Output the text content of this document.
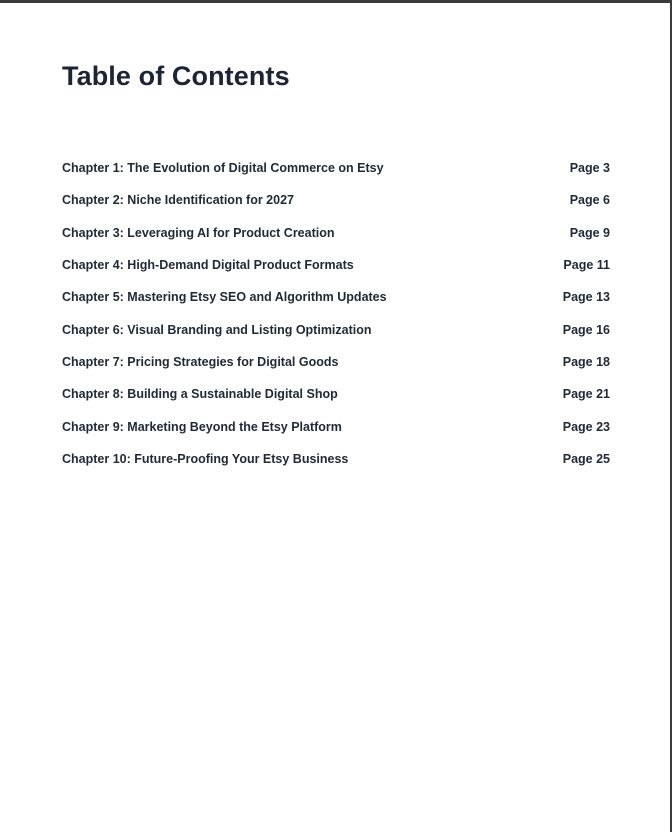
Table of Contents
Chapter 1: The Evolution of Digital Commerce on Etsy	Page 3
Chapter 2: Niche Identification for 2027	Page 6
Chapter 3: Leveraging AI for Product Creation	Page 9
Chapter 4: High-Demand Digital Product Formats	Page 11
Chapter 5: Mastering Etsy SEO and Algorithm Updates	Page 13
Chapter 6: Visual Branding and Listing Optimization	Page 16
Chapter 7: Pricing Strategies for Digital Goods	Page 18
Chapter 8: Building a Sustainable Digital Shop	Page 21
Chapter 9: Marketing Beyond the Etsy Platform	Page 23
Chapter 10: Future-Proofing Your Etsy Business	Page 25
